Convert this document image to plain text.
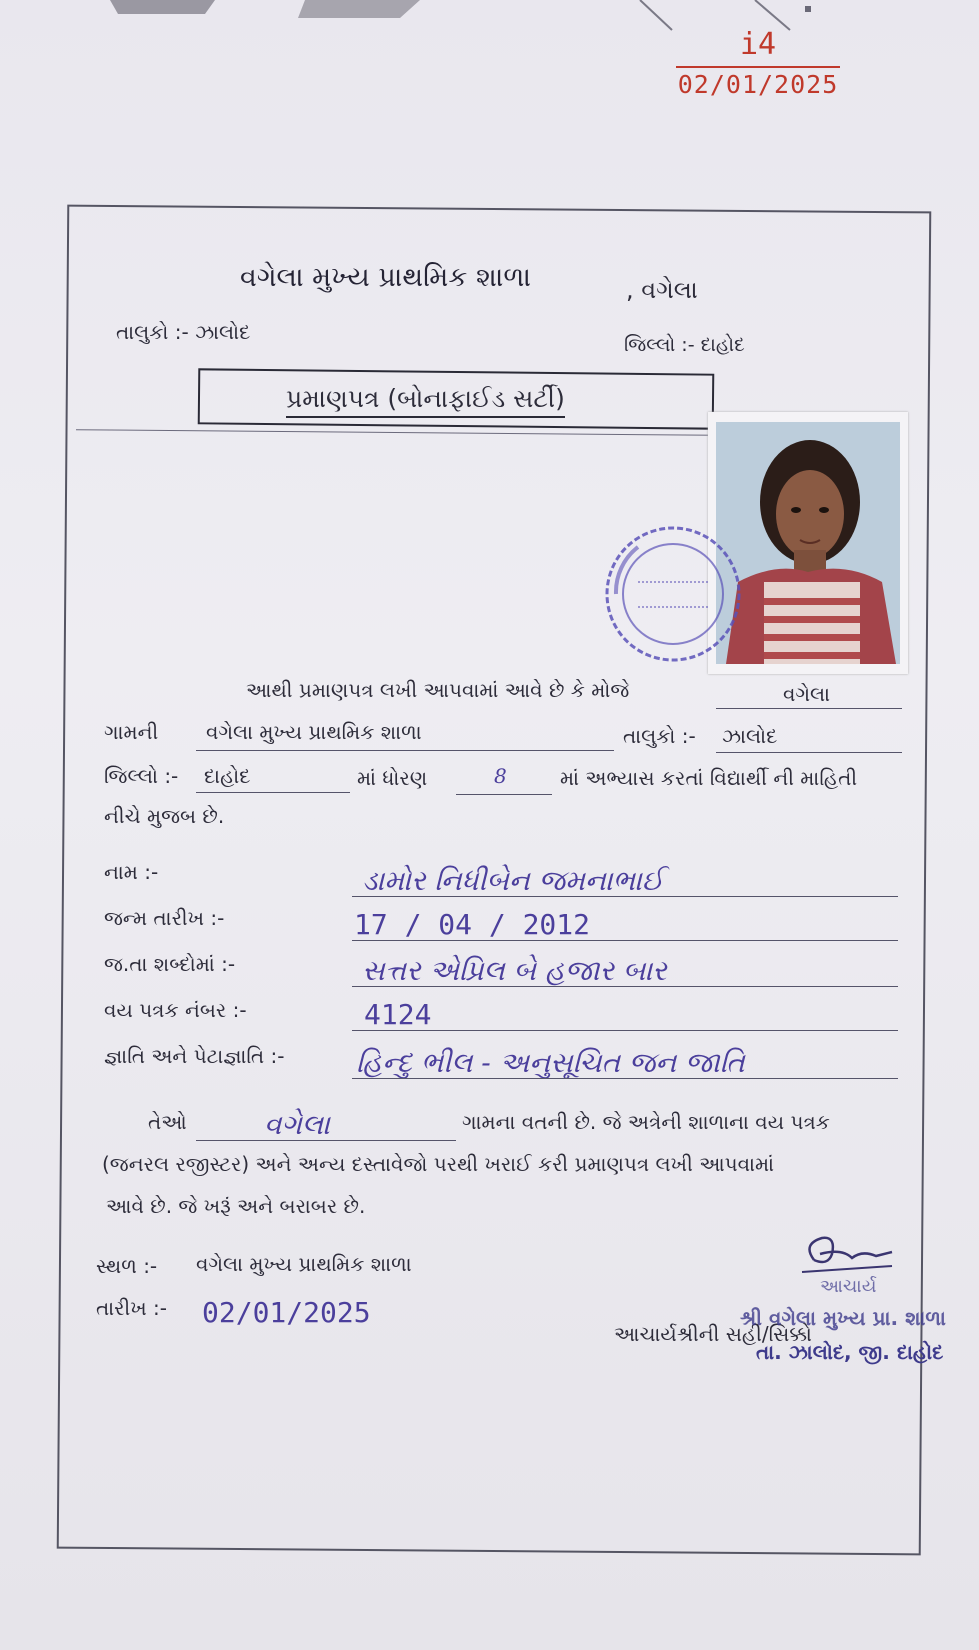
i4
02/01/2025
વગેલા મુખ્ય પ્રાથમિક શાળા	, વગેલા
તાલુકો :- ઝાલોદ
જિલ્લો :- દાહોદ
પ્રમાણપત્ર (બોનાફાઈડ સર્ટી)
આથી પ્રમાણપત્ર લખી આપવામાં આવે છે કે મોજે	વગેલા
ગામની વગેલા મુખ્ય પ્રાથમિક શાળા	તાલુકો :- ઝાલોદ
જિલ્લો :- દાહોદ	માં ધોરણ	8	માં અભ્યાસ કરતાં વિદ્યાર્થી ની માહિતી
નીચે મુજબ છે.
નામ :-	ડામોર નિધીબેન જમનાભાઈ
જન્મ તારીખ :-	17 / 04 / 2012
જ.તા શબ્દોમાં :-	સત્તર એપ્રિલ બે હજાર બાર
વય પત્રક નંબર :-	4124
જ્ઞાતિ અને પેટાજ્ઞાતિ :-	હિન્દુ ભીલ - અનુસૂચિત જન જાતિ
તેઓ	વગેલા	ગામના વતની છે. જે અત્રેની શાળાના વય પત્રક
(જનરલ રજીસ્ટર) અને અન્ય દસ્તાવેજો પરથી ખરાઈ કરી પ્રમાણપત્ર લખી આપવામાં
આવે છે. જે ખરૂં અને બરાબર છે.
સ્થળ :- વગેલા મુખ્ય પ્રાથમિક શાળા
તારીખ :- 02/01/2025
આચાર્ય
આચાર્યશ્રીની સહી/સિક્કો
શ્રી વગેલા મુખ્ય પ્રા. શાળા
તા. ઝાલોદ, જી. દાહોદ
